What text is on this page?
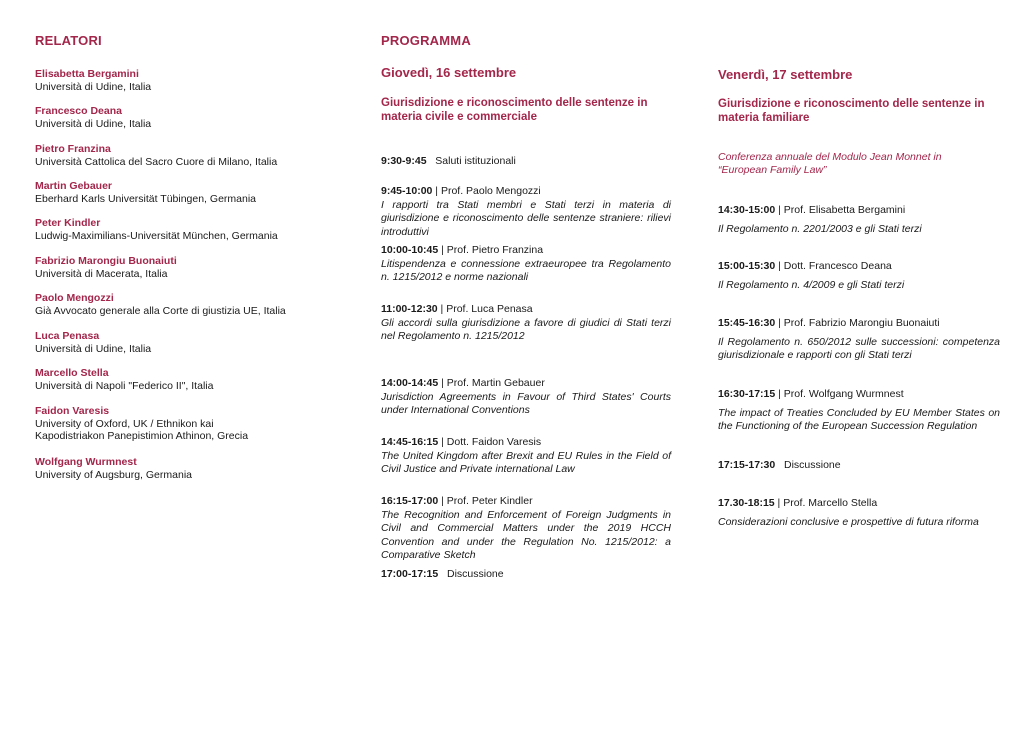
RELATORI
Elisabetta Bergamini
Università di Udine, Italia
Francesco Deana
Università di Udine, Italia
Pietro Franzina
Università Cattolica del Sacro Cuore di Milano, Italia
Martin Gebauer
Eberhard Karls Universität Tübingen, Germania
Peter Kindler
Ludwig-Maximilians-Universität München, Germania
Fabrizio Marongiu Buonaiuti
Università di Macerata, Italia
Paolo Mengozzi
Già Avvocato generale alla Corte di giustizia UE, Italia
Luca Penasa
Università di Udine, Italia
Marcello Stella
Università di Napoli "Federico II", Italia
Faidon Varesis
University of Oxford, UK / Ethnikon kai Kapodistriakon Panepistimion Athinon, Grecia
Wolfgang Wurmnest
University of Augsburg, Germania
PROGRAMMA
Giovedì, 16 settembre
Giurisdizione e riconoscimento delle sentenze in materia civile e commerciale
9:30-9:45 Saluti istituzionali
9:45-10:00 | Prof. Paolo Mengozzi
I rapporti tra Stati membri e Stati terzi in materia di giurisdizione e riconoscimento delle sentenze straniere: rilievi introduttivi
10:00-10:45 | Prof. Pietro Franzina
Litispendenza e connessione extraeuropee tra Regolamento n. 1215/2012 e norme nazionali
11:00-12:30 | Prof. Luca Penasa
Gli accordi sulla giurisdizione a favore di giudici di Stati terzi nel Regolamento n. 1215/2012
14:00-14:45 | Prof. Martin Gebauer
Jurisdiction Agreements in Favour of Third States' Courts under International Conventions
14:45-16:15 | Dott. Faidon Varesis
The United Kingdom after Brexit and EU Rules in the Field of Civil Justice and Private international Law
16:15-17:00 | Prof. Peter Kindler
The Recognition and Enforcement of Foreign Judgments in Civil and Commercial Matters under the 2019 HCCH Convention and under the Regulation No. 1215/2012: a Comparative Sketch
17:00-17:15 Discussione
Venerdì, 17 settembre
Giurisdizione e riconoscimento delle sentenze in materia familiare
Conferenza annuale del Modulo Jean Monnet in “European Family Law”
14:30-15:00 | Prof. Elisabetta Bergamini
Il Regolamento n. 2201/2003 e gli Stati terzi
15:00-15:30 | Dott. Francesco Deana
Il Regolamento n. 4/2009 e gli Stati terzi
15:45-16:30 | Prof. Fabrizio Marongiu Buonaiuti
Il Regolamento n. 650/2012 sulle successioni: competenza giurisdizionale e rapporti con gli Stati terzi
16:30-17:15 | Prof. Wolfgang Wurmnest
The impact of Treaties Concluded by EU Member States on the Functioning of the European Succession Regulation
17:15-17:30 Discussione
17.30-18:15 | Prof. Marcello Stella
Considerazioni conclusive e prospettive di futura riforma
